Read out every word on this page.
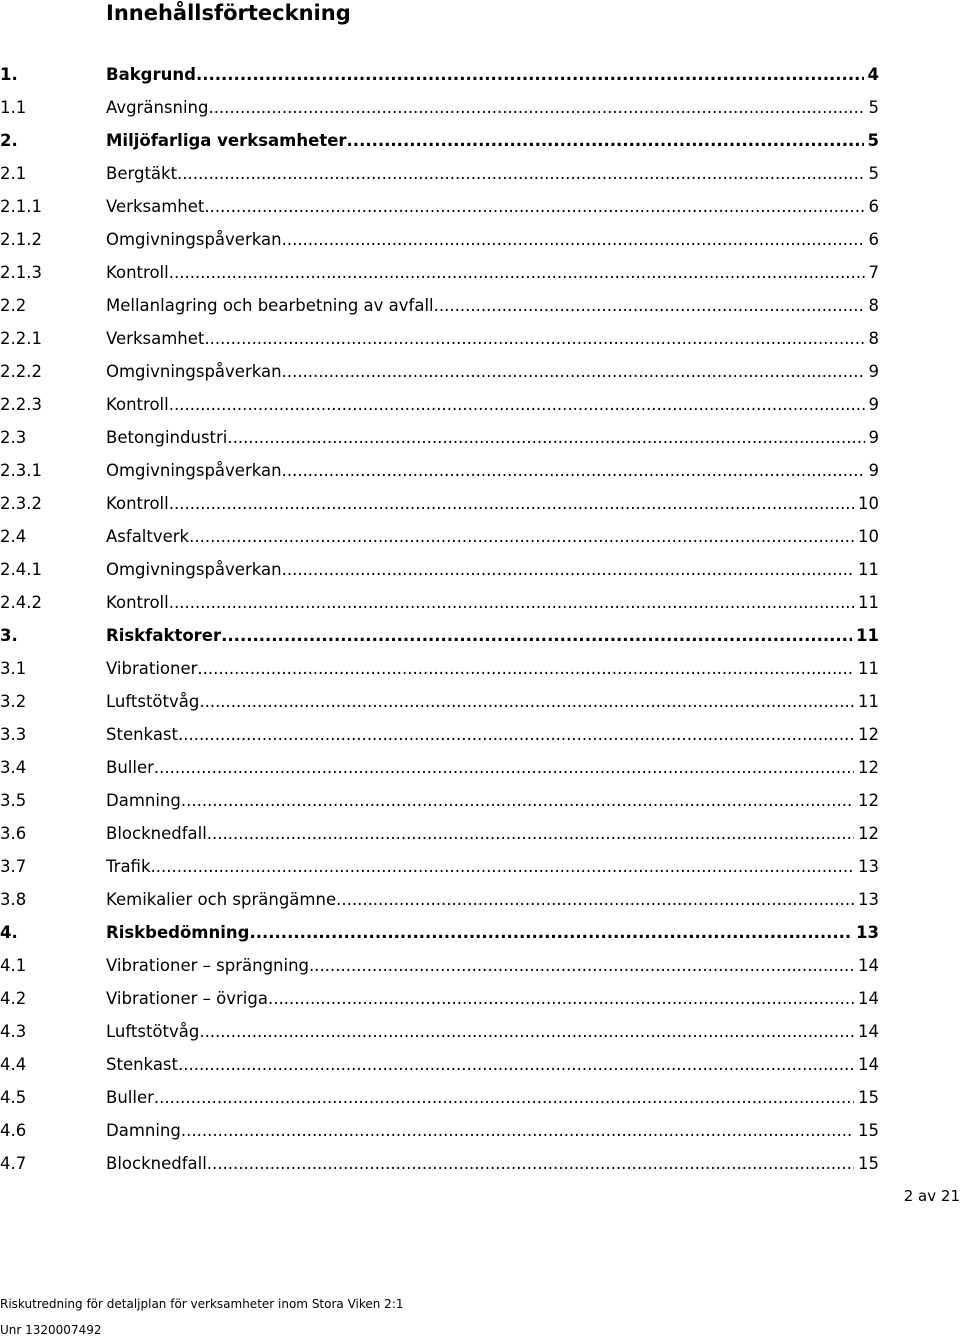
Innehållsförteckning
1.	Bakgrund .....	4
1.1	Avgränsning .....	5
2.	Miljöfarliga verksamheter .....	5
2.1	Bergtäkt .....	5
2.1.1	Verksamhet .....	6
2.1.2	Omgivningspåverkan .....	6
2.1.3	Kontroll .....	7
2.2	Mellanlagring och bearbetning av avfall .....	8
2.2.1	Verksamhet .....	8
2.2.2	Omgivningspåverkan .....	9
2.2.3	Kontroll .....	9
2.3	Betongindustri .....	9
2.3.1	Omgivningspåverkan .....	9
2.3.2	Kontroll .....	10
2.4	Asfaltverk .....	10
2.4.1	Omgivningspåverkan .....	11
2.4.2	Kontroll .....	11
3.	Riskfaktorer .....	11
3.1	Vibrationer .....	11
3.2	Luftstötvåg .....	11
3.3	Stenkast .....	12
3.4	Buller .....	12
3.5	Damning .....	12
3.6	Blocknedfall .....	12
3.7	Trafik .....	13
3.8	Kemikalier och sprängämne .....	13
4.	Riskbedömning .....	13
4.1	Vibrationer – sprängning .....	14
4.2	Vibrationer – övriga .....	14
4.3	Luftstötvåg .....	14
4.4	Stenkast .....	14
4.5	Buller .....	15
4.6	Damning .....	15
4.7	Blocknedfall .....	15
2 av 21
Riskutredning för detaljplan för verksamheter inom Stora Viken 2:1
Unr 1320007492
